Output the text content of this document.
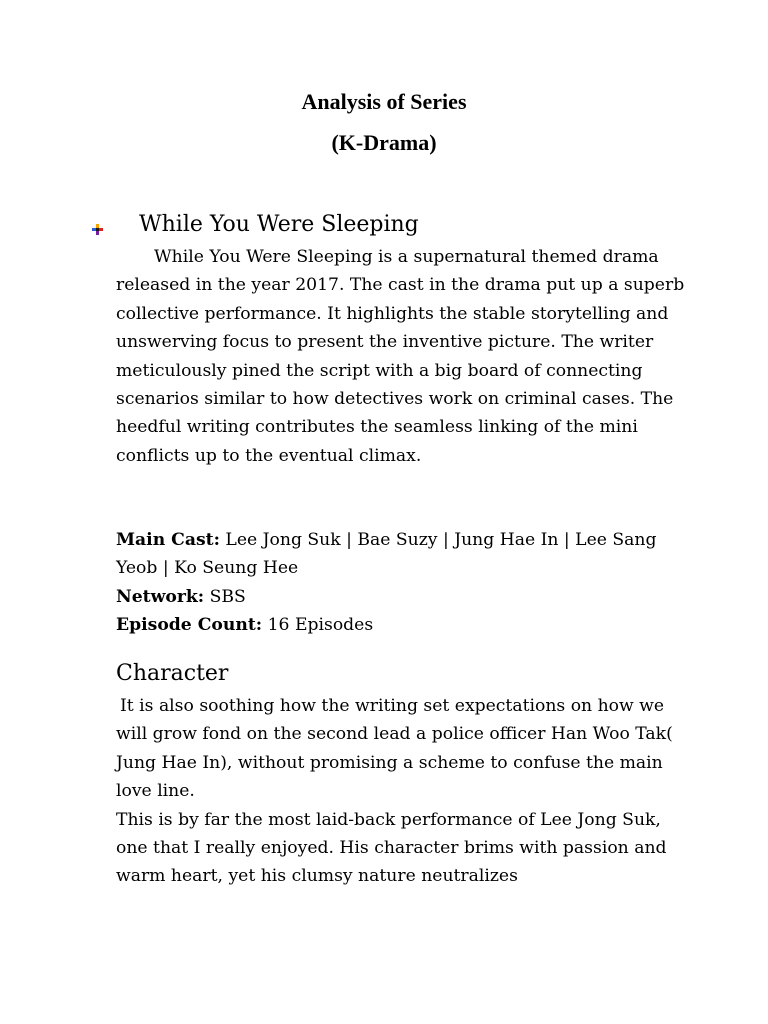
Analysis of Series
(K-Drama)
While You Were Sleeping

While You Were Sleeping is a supernatural themed drama released in the year 2017. The cast in the drama put up a superb collective performance. It highlights the stable storytelling and unswerving focus to present the inventive picture. The writer meticulously pined the script with a big board of connecting scenarios similar to how detectives work on criminal cases. The heedful writing contributes the seamless linking of the mini conflicts up to the eventual climax.

Main Cast: Lee Jong Suk | Bae Suzy | Jung Hae In | Lee Sang Yeob | Ko Seung Hee

Network: SBS

Episode Count: 16 Episodes

Character

It is also soothing how the writing set expectations on how we will grow fond on the second lead a police officer Han Woo Tak( Jung Hae In), without promising a scheme to confuse the main love line.

This is by far the most laid-back performance of Lee Jong Suk, one that I really enjoyed. His character brims with passion and warm heart, yet his clumsy nature neutralizes
